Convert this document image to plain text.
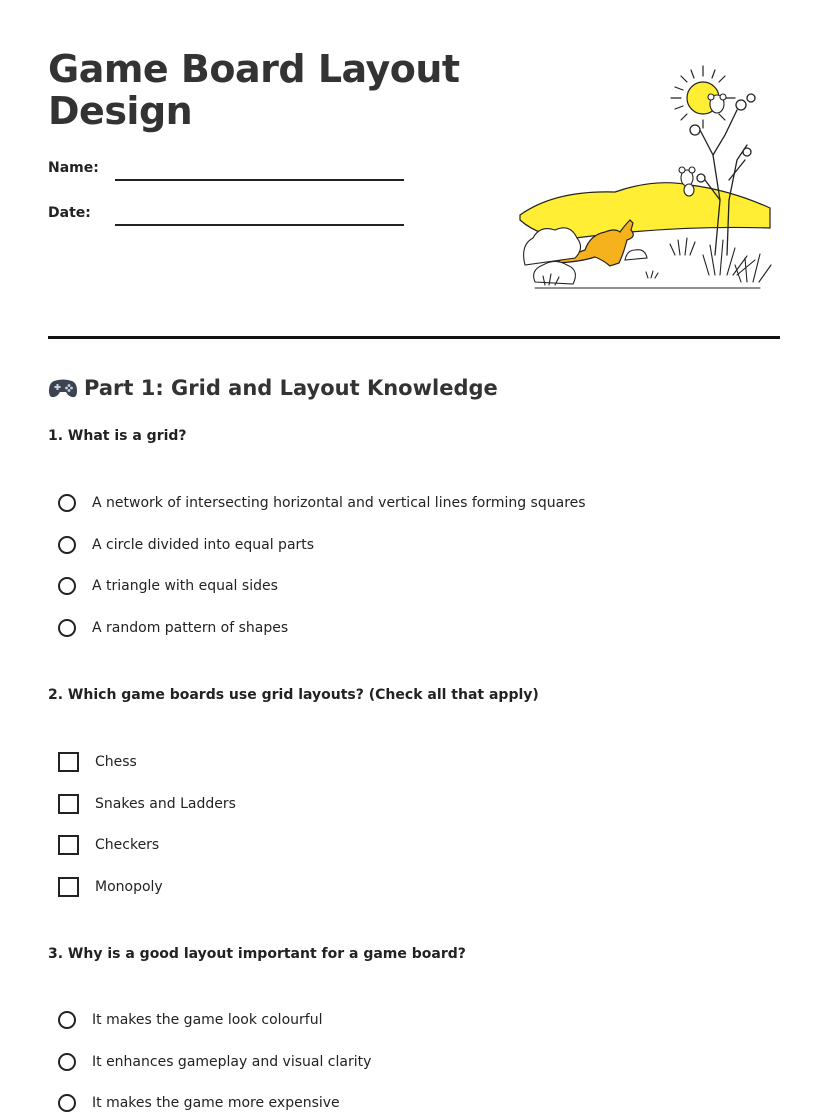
Game Board Layout Design
Name:
Date:
Part 1: Grid and Layout Knowledge
1. What is a grid?
A network of intersecting horizontal and vertical lines forming squares
A circle divided into equal parts
A triangle with equal sides
A random pattern of shapes
2. Which game boards use grid layouts? (Check all that apply)
Chess
Snakes and Ladders
Checkers
Monopoly
3. Why is a good layout important for a game board?
It makes the game look colourful
It enhances gameplay and visual clarity
It makes the game more expensive
